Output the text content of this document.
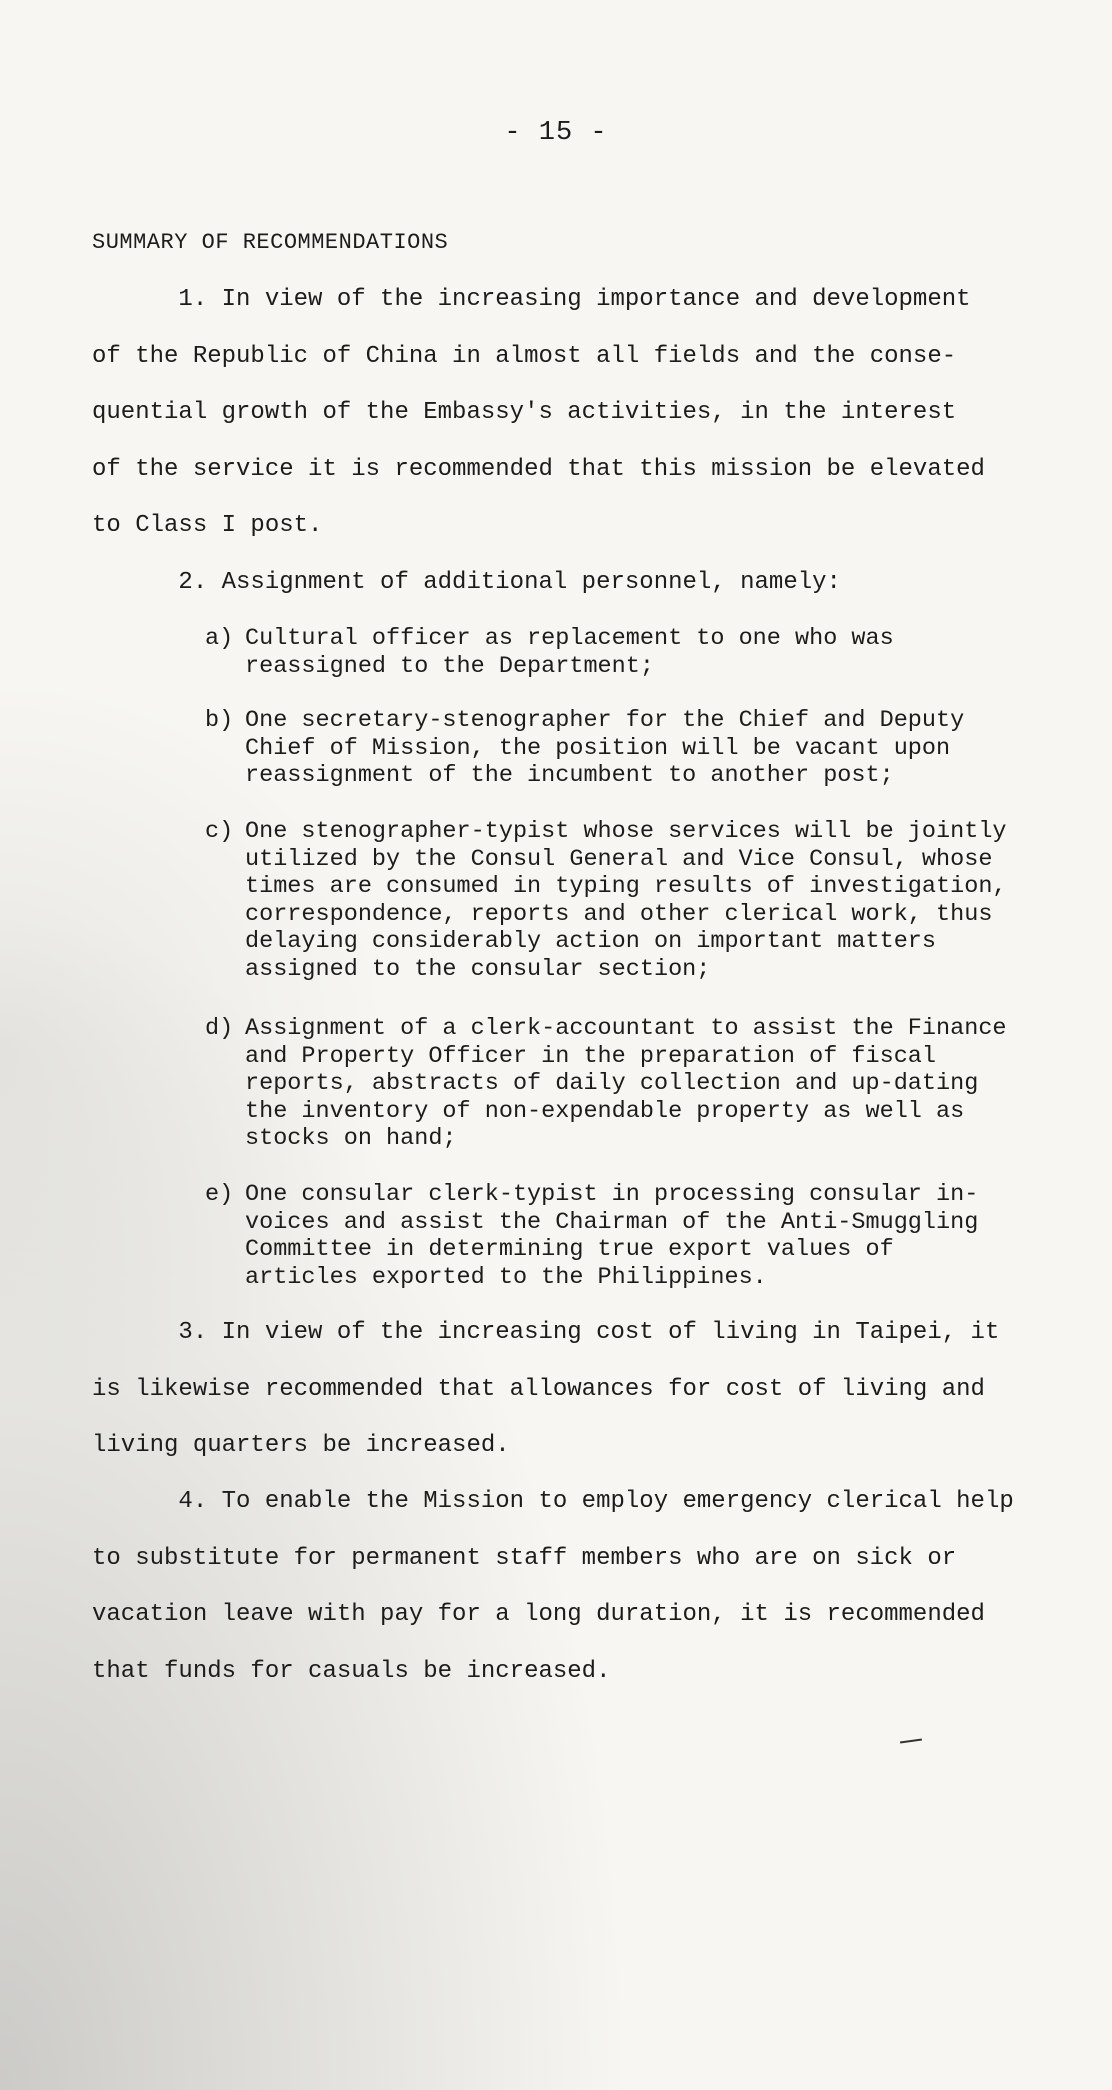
- 15 -
SUMMARY OF RECOMMENDATIONS
1. In view of the increasing importance and development
of the Republic of China in almost all fields and the conse-
quential growth of the Embassy's activities, in the interest
of the service it is recommended that this mission be elevated
to Class I post.
2. Assignment of additional personnel, namely:
a) Cultural officer as replacement to one who was
reassigned to the Department;
b) One secretary-stenographer for the Chief and Deputy
Chief of Mission, the position will be vacant upon
reassignment of the incumbent to another post;
c) One stenographer-typist whose services will be jointly
utilized by the Consul General and Vice Consul, whose
times are consumed in typing results of investigation,
correspondence, reports and other clerical work, thus
delaying considerably action on important matters
assigned to the consular section;
d) Assignment of a clerk-accountant to assist the Finance
and Property Officer in the preparation of fiscal
reports, abstracts of daily collection and up-dating
the inventory of non-expendable property as well as
stocks on hand;
e) One consular clerk-typist in processing consular in-
voices and assist the Chairman of the Anti-Smuggling
Committee in determining true export values of
articles exported to the Philippines.
3. In view of the increasing cost of living in Taipei, it
is likewise recommended that allowances for cost of living and
living quarters be increased.
4. To enable the Mission to employ emergency clerical help
to substitute for permanent staff members who are on sick or
vacation leave with pay for a long duration, it is recommended
that funds for casuals be increased.
